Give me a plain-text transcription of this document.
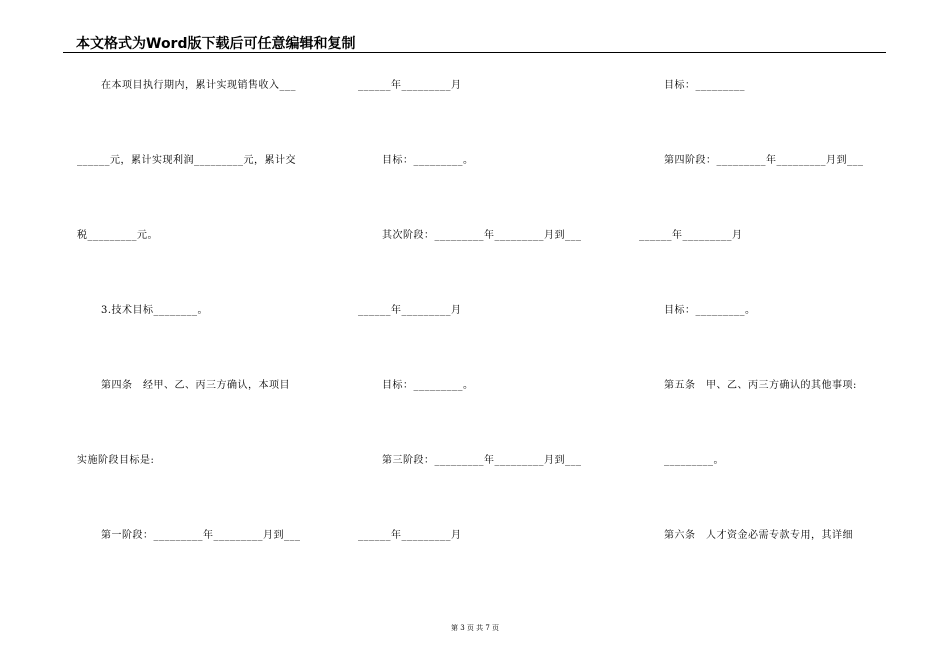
本文格式为Word版下载后可任意编辑和复制
在本项目执行期内，累计实现销售收入___
______元，累计实现利润_________元，累计交
税_________元。
3.技术目标________。
第四条　经甲、乙、丙三方确认，本项目
实施阶段目标是:
第一阶段：_________年_________月到___
______年_________月
目标：_________。
其次阶段：_________年_________月到___
______年_________月
目标：_________。
第三阶段：_________年_________月到___
______年_________月
目标：_________
第四阶段：_________年_________月到___
______年_________月
目标：_________。
第五条　甲、乙、丙三方确认的其他事项:
_________。
第六条　人才资金必需专款专用，其详细
第 3 页 共 7 页
